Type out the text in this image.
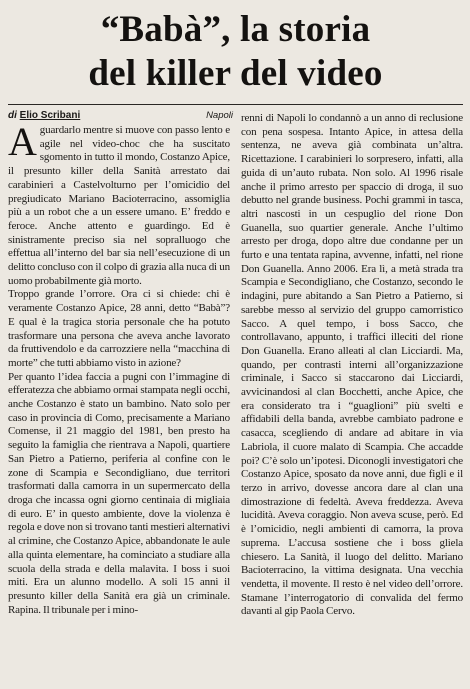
“Babà”, la storia
del killer del video
di Elio Scribani	Napoli

Aguardarlo mentre si muove con passo lento e agile nel video-choc che ha suscitato sgomento in tutto il mondo, Costanzo Apice, il presunto killer della Sanità arrestato dai carabinieri a Castelvolturno per l’omicidio del pregiudicato Mariano Bacioterracino, assomiglia più a un robot che a un essere umano. E’ freddo e feroce. Anche attento e guardingo. Ed è sinistramente preciso sia nel sopralluogo che effettua all’interno del bar sia nell’esecuzione di un delitto concluso con il colpo di grazia alla nuca di un uomo probabilmente già morto.

Troppo grande l’orrore. Ora ci si chiede: chi è veramente Costanzo Apice, 28 anni, detto “Babà”? E qual è la tragica storia personale che ha potuto trasformare una persona che aveva anche lavorato da fruttivendolo e da carrozziere nella “macchina di morte” che tutti abbiamo visto in azione?

Per quanto l’idea faccia a pugni con l’immagine di efferatezza che abbiamo ormai stampata negli occhi, anche Costanzo è stato un bambino. Nato solo per caso in provincia di Como, precisamente a Mariano Comense, il 21 maggio del 1981, ben presto ha seguito la famiglia che rientrava a Napoli, quartiere San Pietro a Patierno, periferia al confine con le zone di Scampia e Secondigliano, due territori trasformati dalla camorra in un supermercato della droga che incassa ogni giorno centinaia di migliaia di euro. E’ in questo ambiente, dove la violenza è regola e dove non si trovano tanti mestieri alternativi al crimine, che Costanzo Apice, abbandonate le aule alla quinta elementare, ha cominciato a studiare alla scuola della strada e della malavita. I boss i suoi miti. Era un alunno modello. A soli 15 anni il presunto killer della Sanità era già un criminale. Rapina. Il tribunale per i mino-

renni di Napoli lo condannò a un anno di reclusione con pena sospesa. Intanto Apice, in attesa della sentenza, ne aveva già combinata un’altra. Ricettazione. I carabinieri lo sorpresero, infatti, alla guida di un’auto rubata. Non solo. Al 1996 risale anche il primo arresto per spaccio di droga, il suo debutto nel grande business. Pochi grammi in tasca, altri nascosti in un cespuglio del rione Don Guanella, suo quartier generale. Anche l’ultimo arresto per droga, dopo altre due condanne per un furto e una tentata rapina, avvenne, infatti, nel rione Don Guanella. Anno 2006. Era lì, a metà strada tra Scampia e Secondigliano, che Costanzo, secondo le indagini, pure abitando a San Pietro a Patierno, si sarebbe messo al servizio del gruppo camorristico Sacco. A quel tempo, i boss Sacco, che controllavano, appunto, i traffici illeciti del rione Don Guanella. Erano alleati al clan Licciardi. Ma, quando, per contrasti interni all’organizzazione criminale, i Sacco si staccarono dai Licciardi, avvicinandosi al clan Bocchetti, anche Apice, che era considerato tra i “guaglioni” più svelti e affidabili della banda, avrebbe cambiato padrone e casacca, scegliendo di andare ad abitare in via Labriola, il cuore malato di Scampia. Che accadde poi? C’è solo un’ipotesi. Diconogli investigatori che Costanzo Apice, sposato da nove anni, due figli e il terzo in arrivo, dovesse ancora dare al clan una dimostrazione di fedeltà. Aveva freddezza. Aveva lucidità. Aveva coraggio. Non aveva scuse, però. Ed è l’omicidio, negli ambienti di camorra, la prova suprema. L’accusa sostiene che i boss gliela chiesero. La Sanità, il luogo del delitto. Mariano Bacioterracino, la vittima designata. Una vecchia vendetta, il movente. Il resto è nel video dell’orrore. Stamane l’interrogatorio di convalida del fermo davanti al gip Paola Cervo.
